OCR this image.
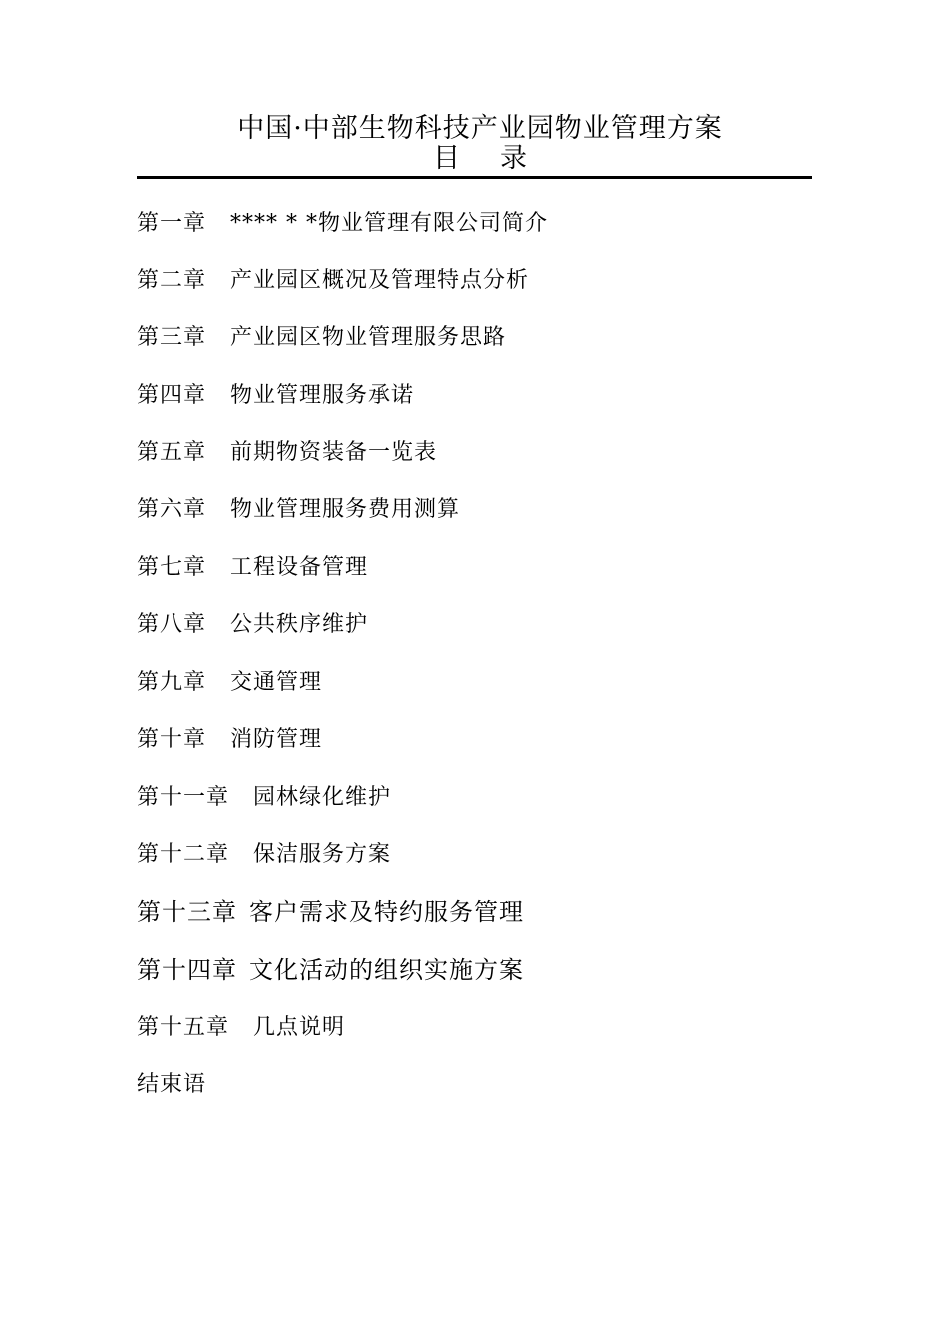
中国·中部生物科技产业园物业管理方案
目 录
第一章 **** * *物业管理有限公司简介
第二章 产业园区概况及管理特点分析
第三章 产业园区物业管理服务思路
第四章 物业管理服务承诺
第五章 前期物资装备一览表
第六章 物业管理服务费用测算
第七章 工程设备管理
第八章 公共秩序维护
第九章 交通管理
第十章 消防管理
第十一章 园林绿化维护
第十二章 保洁服务方案
第十三章 客户需求及特约服务管理
第十四章 文化活动的组织实施方案
第十五章 几点说明
结束语
